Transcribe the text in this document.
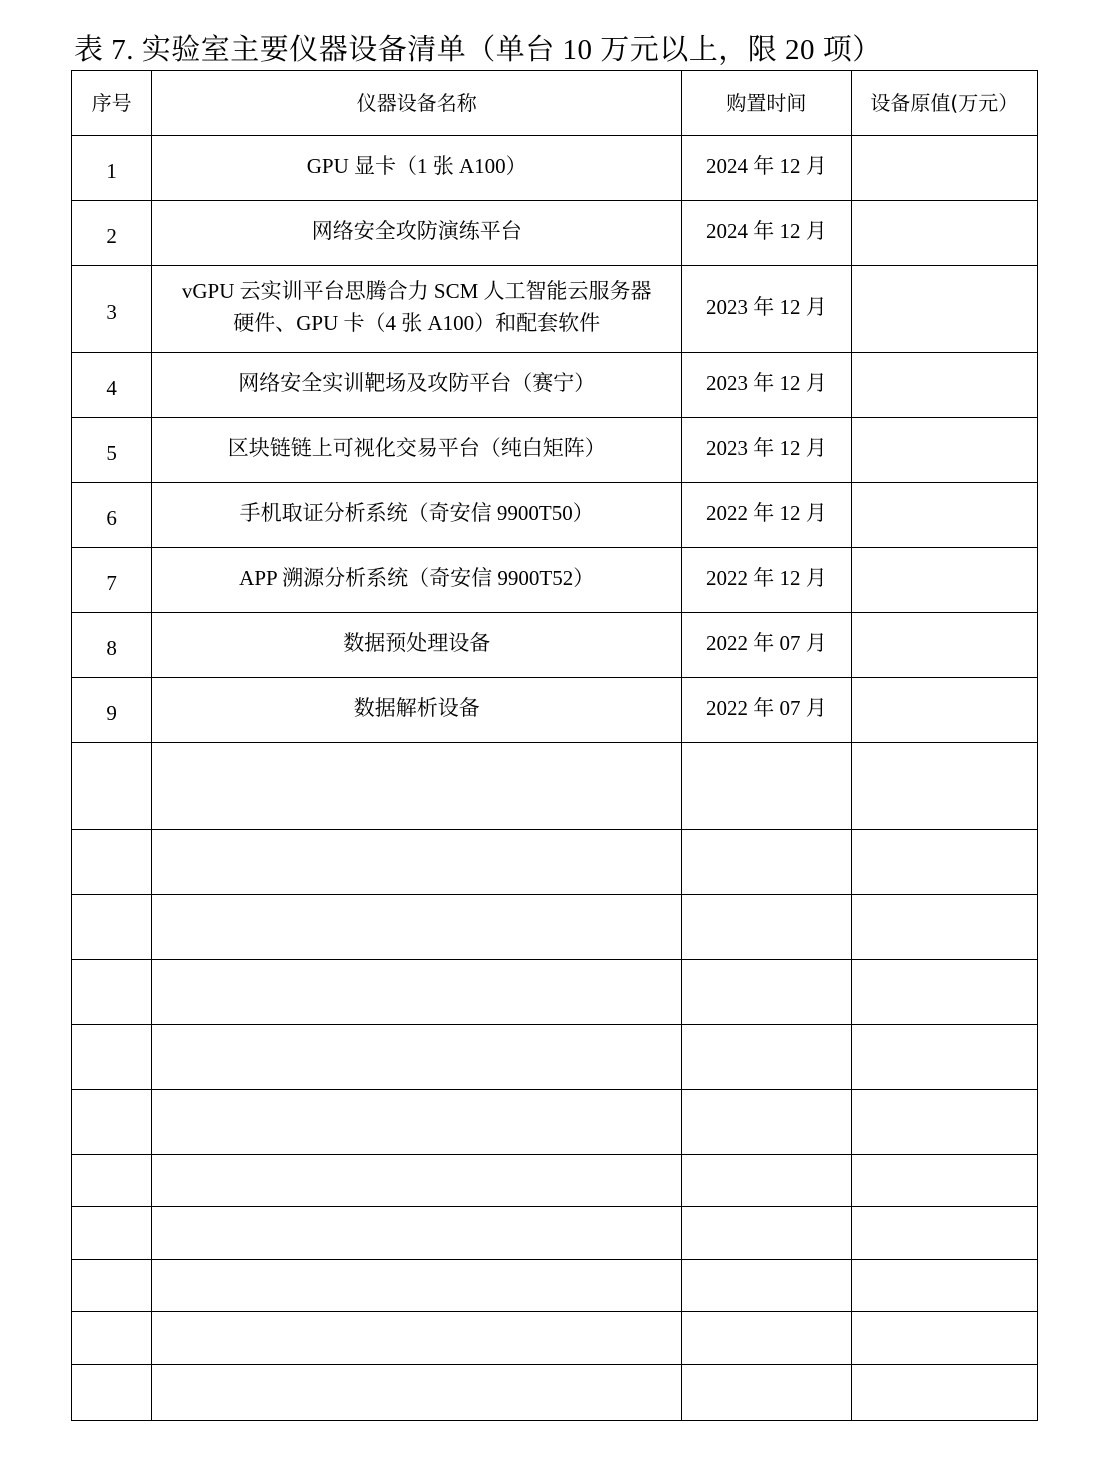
表 7. 实验室主要仪器设备清单（单台 10 万元以上，限 20 项）
序号	仪器设备名称	购置时间	设备原值(万元）
1	GPU 显卡（1 张 A100）	2024 年 12 月	
2	网络安全攻防演练平台	2024 年 12 月	
3	vGPU 云实训平台思腾合力 SCM 人工智能云服务器
硬件、GPU 卡（4 张 A100）和配套软件	2023 年 12 月	
4	网络安全实训靶场及攻防平台（赛宁）	2023 年 12 月	
5	区块链链上可视化交易平台（纯白矩阵）	2023 年 12 月	
6	手机取证分析系统（奇安信 9900T50）	2022 年 12 月	
7	APP 溯源分析系统（奇安信 9900T52）	2022 年 12 月	
8	数据预处理设备	2022 年 07 月	
9	数据解析设备	2022 年 07 月	
